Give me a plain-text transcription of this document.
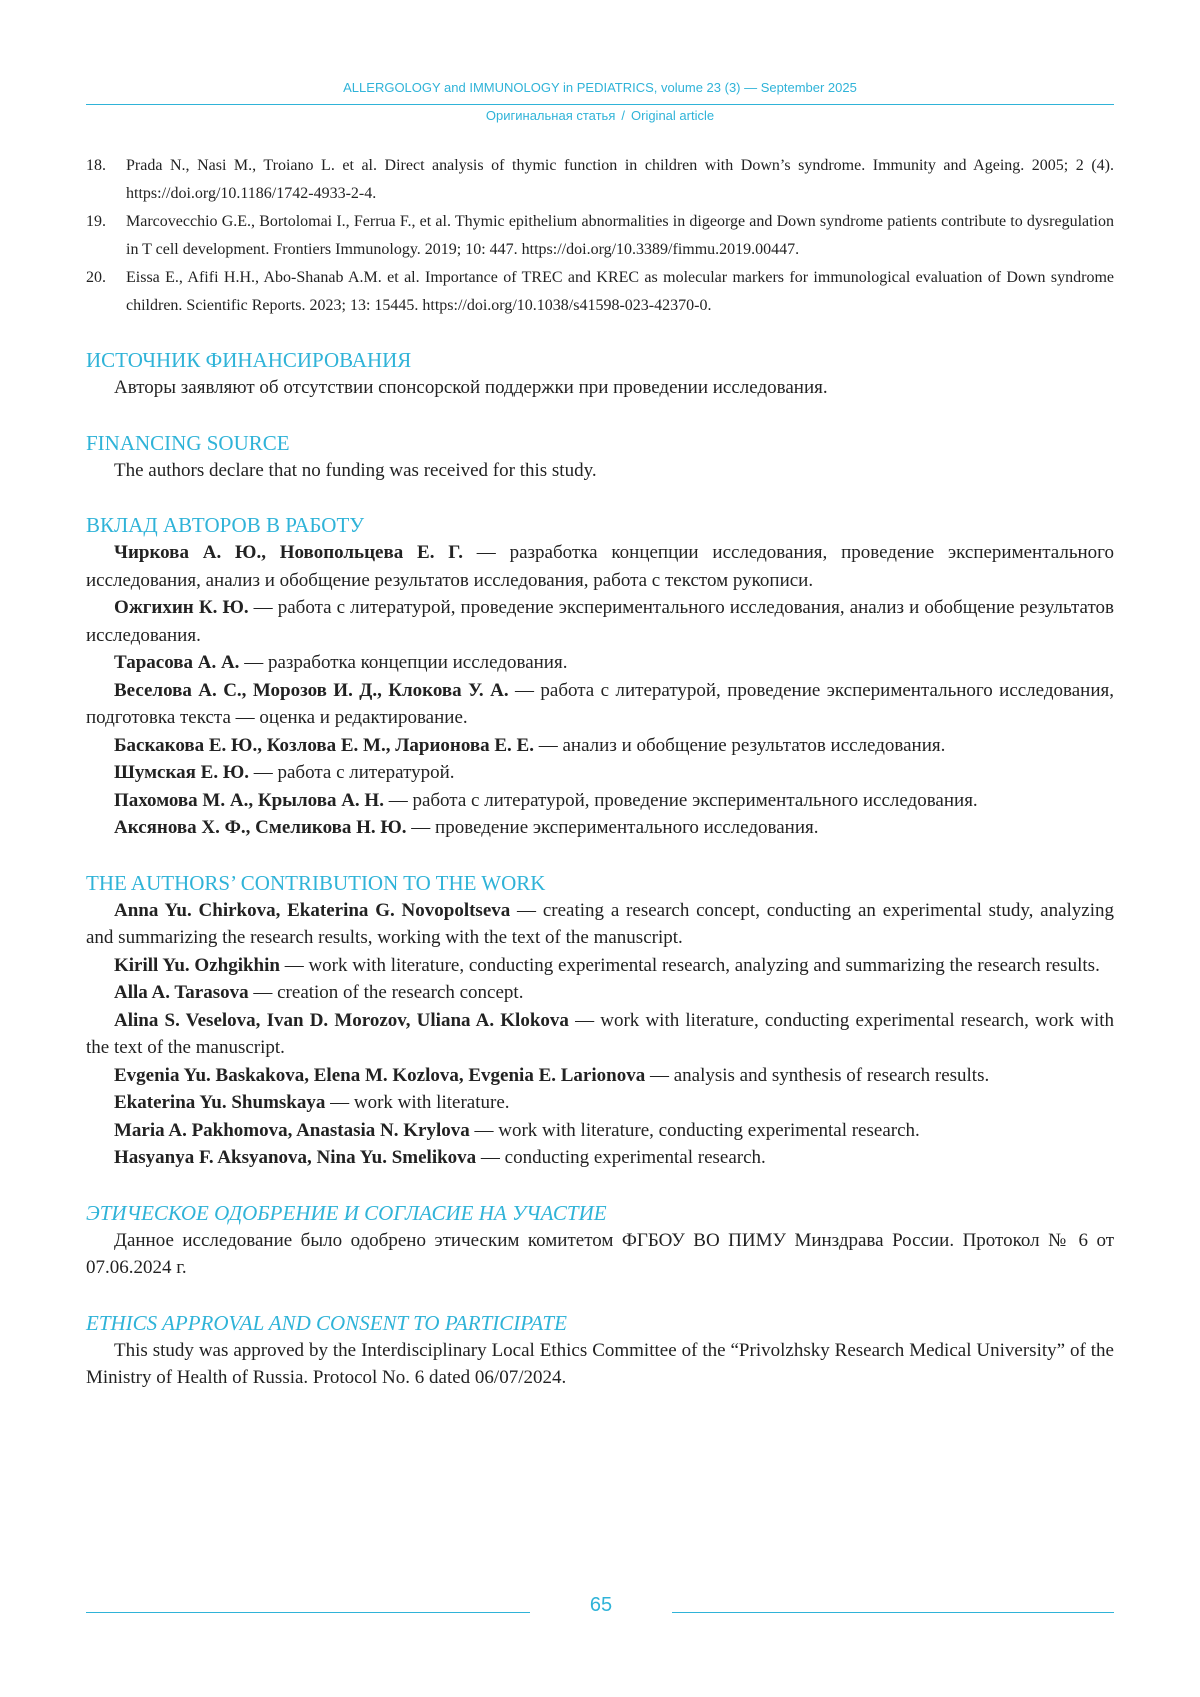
ALLERGOLOGY and IMMUNOLOGY in PEDIATRICS, volume 23 (3) — September 2025
Оригинальная статья / Original article
18.	Prada N., Nasi M., Troiano L. et al. Direct analysis of thymic function in children with Down’s syndrome. Immunity and Ageing. 2005; 2 (4). https://doi.org/10.1186/1742-4933-2-4.
19.	Marcovecchio G.E., Bortolomai I., Ferrua F., et al. Thymic epithelium abnormalities in digeorge and Down syndrome patients contribute to dysregulation in T cell development. Frontiers Immunology. 2019; 10: 447. https://doi.org/10.3389/fimmu.2019.00447.
20.	Eissa E., Afifi H.H., Abo-Shanab A.M. et al. Importance of TREC and KREC as molecular markers for immunological evaluation of Down syndrome children. Scientific Reports. 2023; 13: 15445. https://doi.org/10.1038/s41598-023-42370-0.
ИСТОЧНИК ФИНАНСИРОВАНИЯ

Авторы заявляют об отсутствии спонсорской поддержки при проведении исследования.

FINANCING SOURCE

The authors declare that no funding was received for this study.

ВКЛАД АВТОРОВ В РАБОТУ

Чиркова А. Ю., Новопольцева Е. Г. — разработка концепции исследования, проведение экспериментального исследования, анализ и обобщение результатов исследования, работа с текстом рукописи.

Ожгихин К. Ю. — работа с литературой, проведение экспериментального исследования, анализ и обобщение результатов исследования.

Тарасова А. А. — разработка концепции исследования.

Веселова А. С., Морозов И. Д., Клокова У. А. — работа с литературой, проведение экспериментального исследования, подготовка текста — оценка и редактирование.

Баскакова Е. Ю., Козлова Е. М., Ларионова Е. Е. — анализ и обобщение результатов исследования.

Шумская Е. Ю. — работа с литературой.

Пахомова М. А., Крылова А. Н. — работа с литературой, проведение экспериментального исследования.

Аксянова Х. Ф., Смеликова Н. Ю. — проведение экспериментального исследования.

THE AUTHORS’ CONTRIBUTION TO THE WORK

Anna Yu. Chirkova, Ekaterina G. Novopoltseva — creating a research concept, conducting an experimental study, analyzing and summarizing the research results, working with the text of the manuscript.

Kirill Yu. Ozhgikhin — work with literature, conducting experimental research, analyzing and summarizing the research results.

Alla A. Tarasova — creation of the research concept.

Alina S. Veselova, Ivan D. Morozov, Uliana A. Klokova — work with literature, conducting experimental research, work with the text of the manuscript.

Evgenia Yu. Baskakova, Elena M. Kozlova, Evgenia E. Larionova — analysis and synthesis of research results.

Ekaterina Yu. Shumskaya — work with literature.

Maria A. Pakhomova, Anastasia N. Krylova — work with literature, conducting experimental research.

Hasyanya F. Aksyanova, Nina Yu. Smelikova — conducting experimental research.

ЭТИЧЕСКОЕ ОДОБРЕНИЕ И СОГЛАСИЕ НА УЧАСТИЕ

Данное исследование было одобрено этическим комитетом ФГБОУ ВО ПИМУ Минздрава России. Протокол № 6 от 07.06.2024 г.

ETHICS APPROVAL AND CONSENT TO PARTICIPATE

This study was approved by the Interdisciplinary Local Ethics Committee of the “Privolzhsky Research Medical University” of the Ministry of Health of Russia. Protocol No. 6 dated 06/07/2024.

65
